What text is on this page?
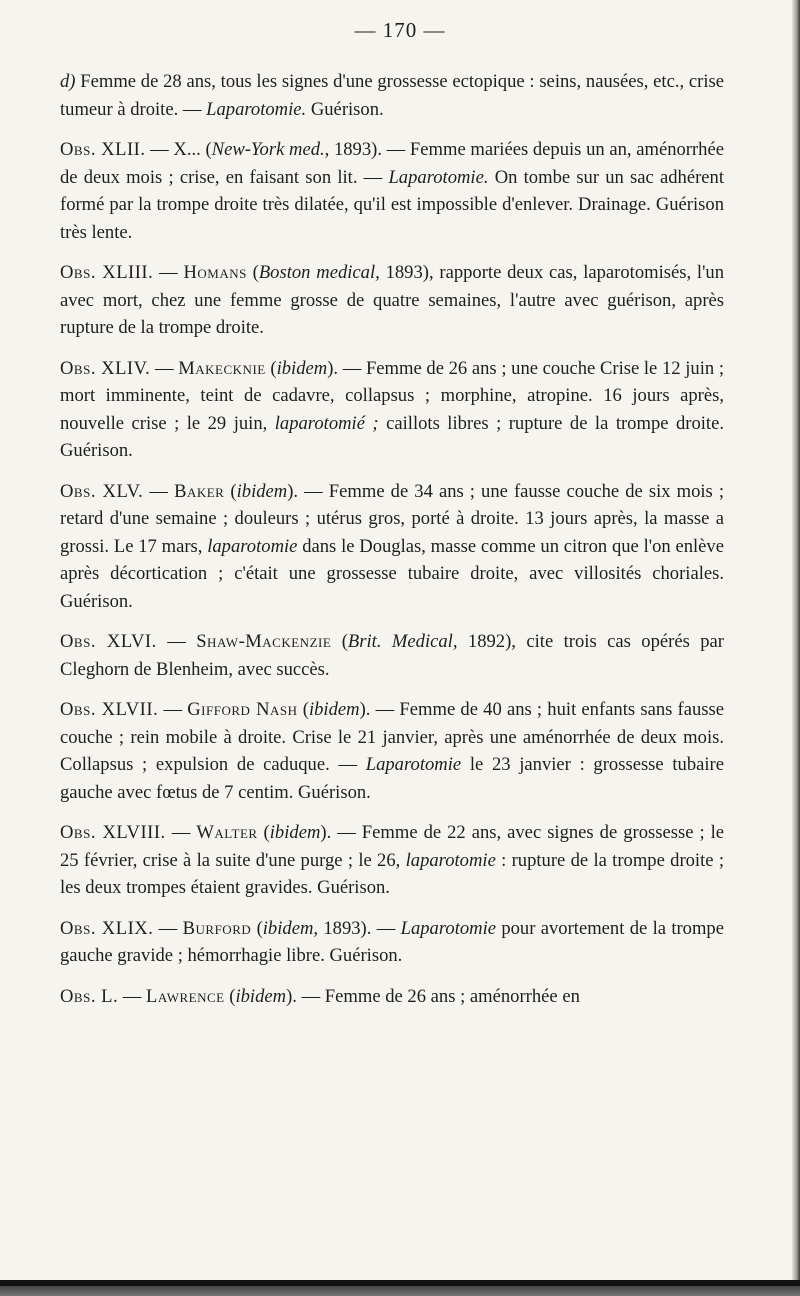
— 170 —

d) Femme de 28 ans, tous les signes d'une grossesse ectopique : seins, nausées, etc., crise tumeur à droite. — Laparotomie. Guérison.

Obs. XLII. — X... (New-York med., 1893). — Femme mariées depuis un an, aménorrhée de deux mois ; crise, en faisant son lit. — Laparotomie. On tombe sur un sac adhérent formé par la trompe droite très dilatée, qu'il est impossible d'enlever. Drainage. Guérison très lente.

Obs. XLIII. — Homans (Boston medical, 1893), rapporte deux cas, laparotomisés, l'un avec mort, chez une femme grosse de quatre semaines, l'autre avec guérison, après rupture de la trompe droite.

Obs. XLIV. — Makecknie (ibidem). — Femme de 26 ans ; une couche Crise le 12 juin ; mort imminente, teint de cadavre, collapsus ; morphine, atropine. 16 jours après, nouvelle crise ; le 29 juin, laparotomié ; caillots libres ; rupture de la trompe droite. Guérison.

Obs. XLV. — Baker (ibidem). — Femme de 34 ans ; une fausse couche de six mois ; retard d'une semaine ; douleurs ; utérus gros, porté à droite. 13 jours après, la masse a grossi. Le 17 mars, laparotomie dans le Douglas, masse comme un citron que l'on enlève après décortication ; c'était une grossesse tubaire droite, avec villosités choriales. Guérison.

Obs. XLVI. — Shaw-Mackenzie (Brit. Medical, 1892), cite trois cas opérés par Cleghorn de Blenheim, avec succès.

Obs. XLVII. — Gifford Nash (ibidem). — Femme de 40 ans ; huit enfants sans fausse couche ; rein mobile à droite. Crise le 21 janvier, après une aménorrhée de deux mois. Collapsus ; expulsion de caduque. — Laparotomie le 23 janvier : grossesse tubaire gauche avec fœtus de 7 centim. Guérison.

Obs. XLVIII. — Walter (ibidem). — Femme de 22 ans, avec signes de grossesse ; le 25 février, crise à la suite d'une purge ; le 26, laparotomie : rupture de la trompe droite ; les deux trompes étaient gravides. Guérison.

Obs. XLIX. — Burford (ibidem, 1893). — Laparotomie pour avortement de la trompe gauche gravide ; hémorrhagie libre. Guérison.

Obs. L. — Lawrence (ibidem). — Femme de 26 ans ; aménorrhée en
